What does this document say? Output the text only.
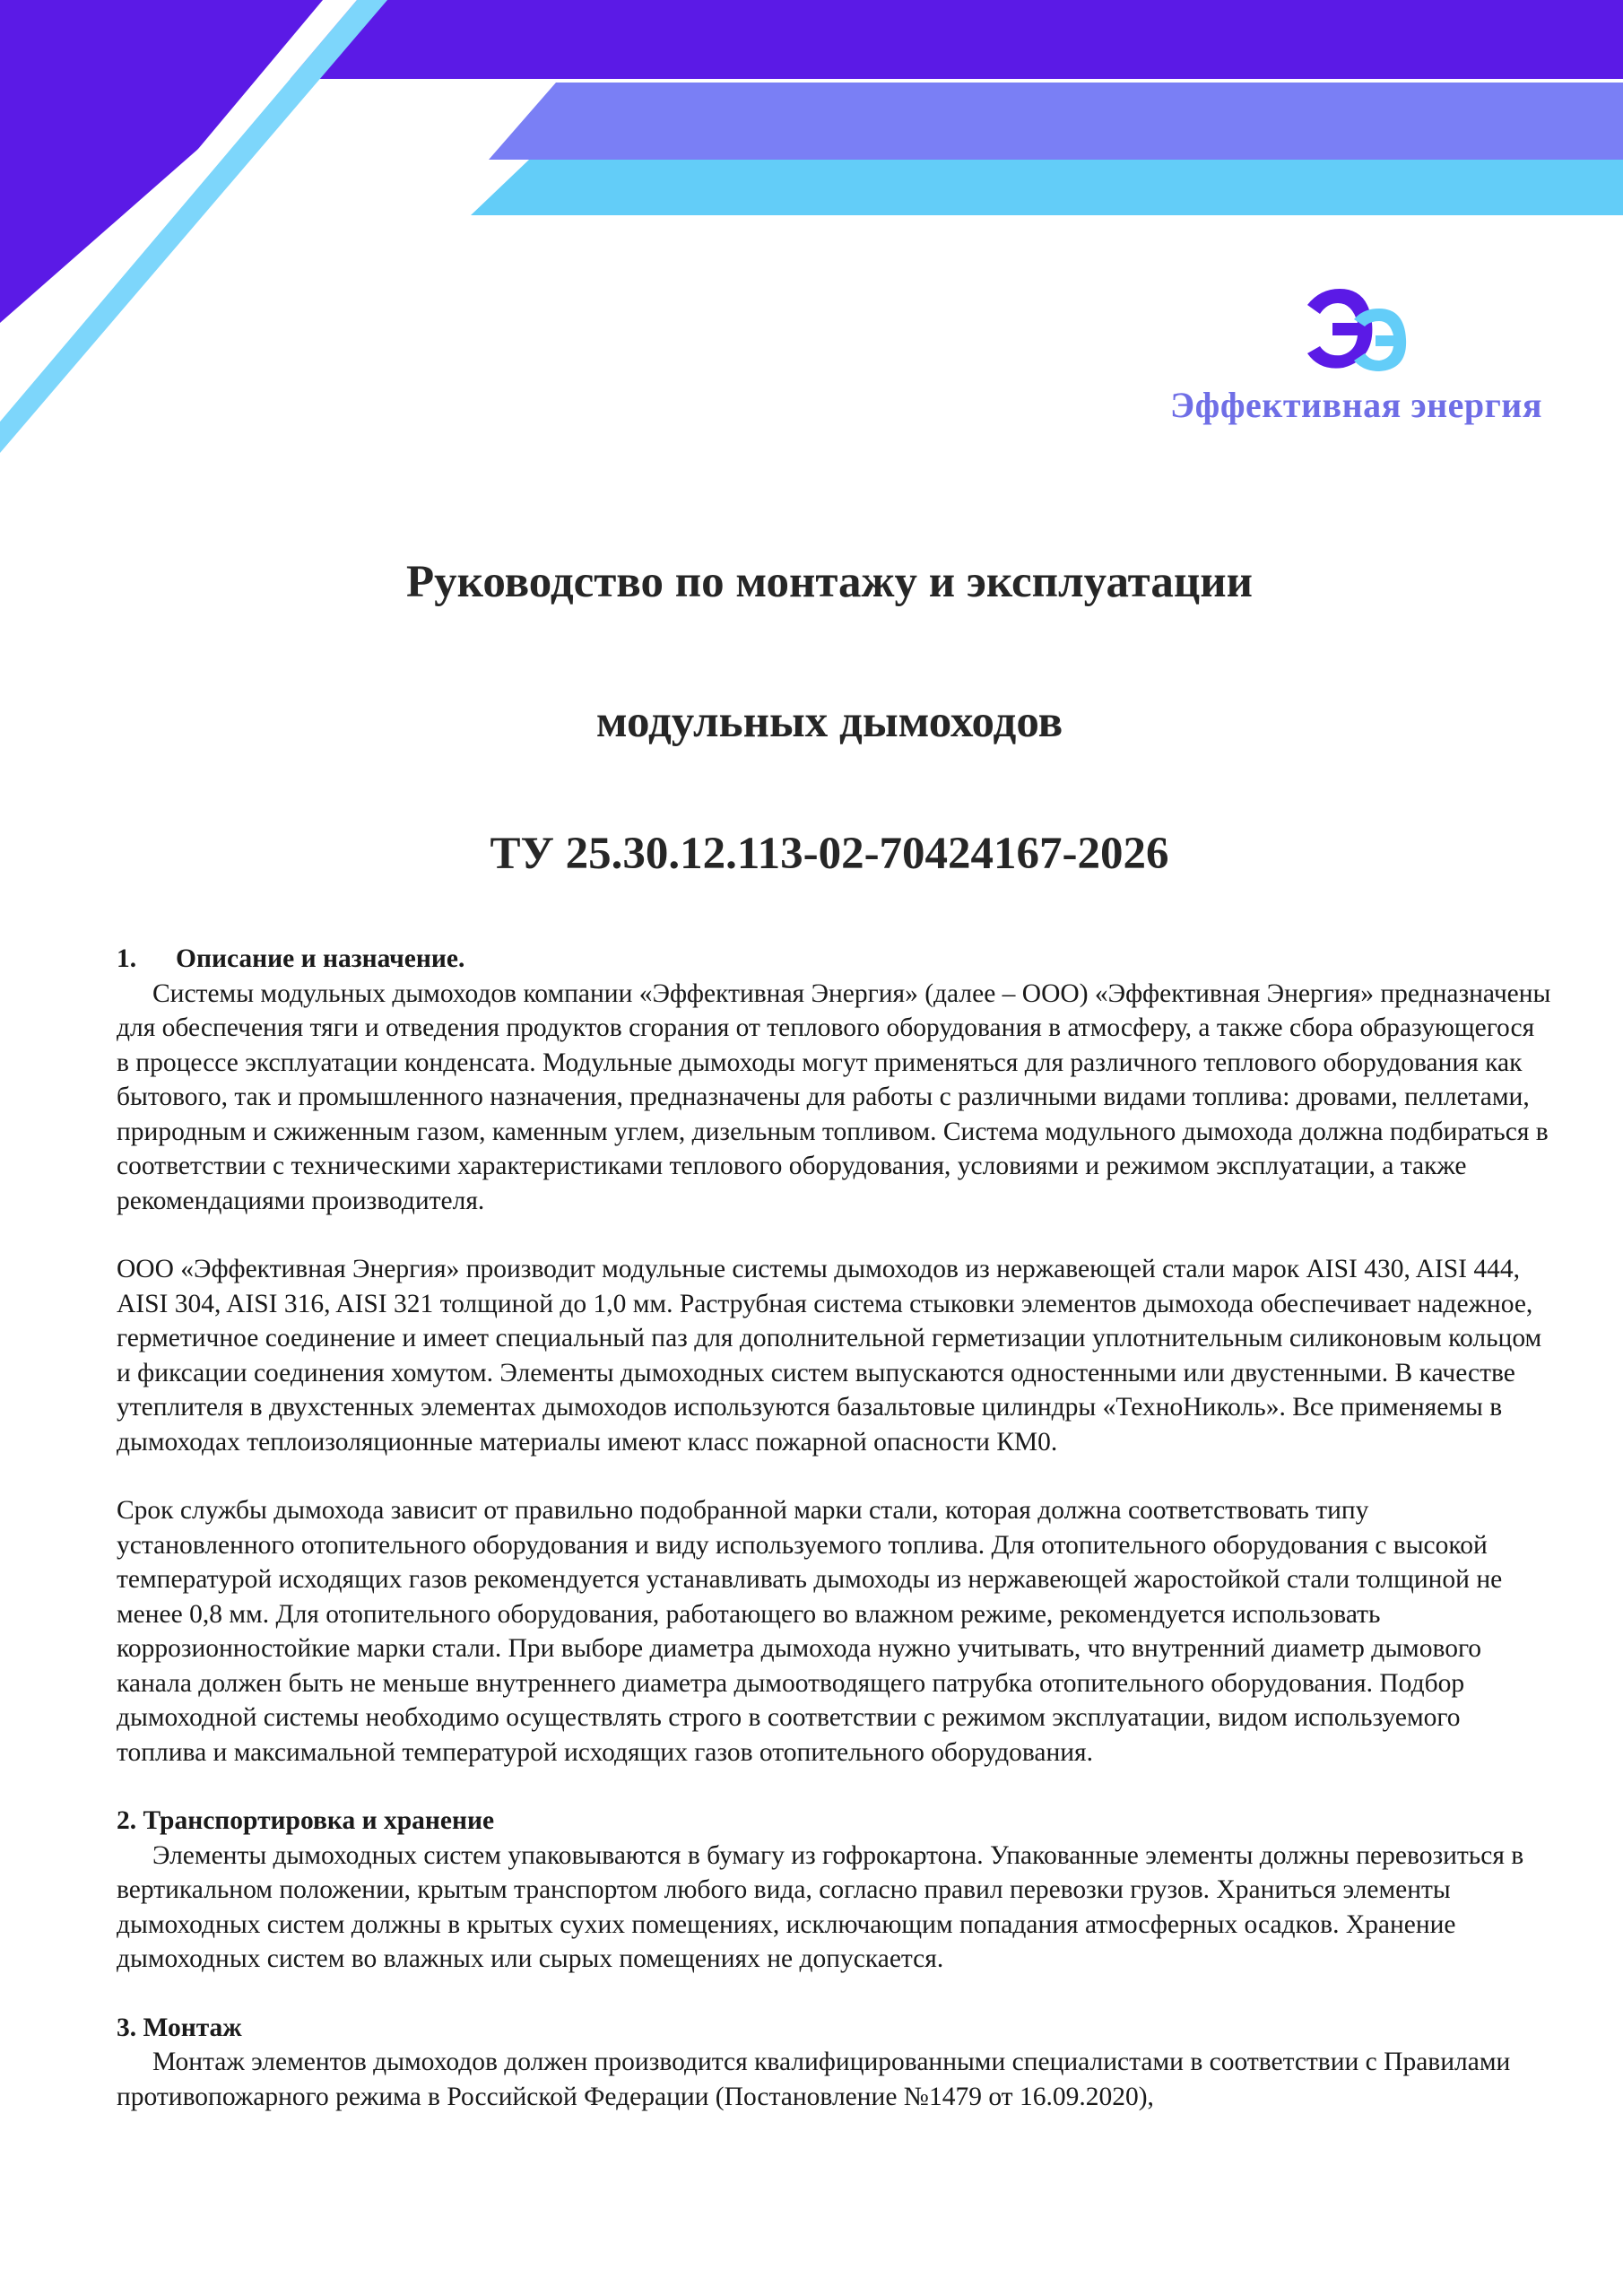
Эффективная энергия
Руководство по монтажу и эксплуатации
модульных дымоходов
ТУ 25.30.12.113-02-70424167-2026
1. Описание и назначение.

Системы модульных дымоходов компании «Эффективная Энергия» (далее – ООО) «Эффективная Энергия» предназначены для обеспечения тяги и отведения продуктов сгорания от теплового оборудования в атмосферу, а также сбора образующегося в процессе эксплуатации конденсата. Модульные дымоходы могут применяться для различного теплового оборудования как бытового, так и промышленного назначения, предназначены для работы с различными видами топлива: дровами, пеллетами, природным и сжиженным газом, каменным углем, дизельным топливом. Система модульного дымохода должна подбираться в соответствии с техническими характеристиками теплового оборудования, условиями и режимом эксплуатации, а также рекомендациями производителя.

ООО «Эффективная Энергия» производит модульные системы дымоходов из нержавеющей стали марок AISI 430, AISI 444, AISI 304, AISI 316, AISI 321 толщиной до 1,0 мм. Раструбная система стыковки элементов дымохода обеспечивает надежное, герметичное соединение и имеет специальный паз для дополнительной герметизации уплотнительным силиконовым кольцом и фиксации соединения хомутом. Элементы дымоходных систем выпускаются одностенными или двустенными. В качестве утеплителя в двухстенных элементах дымоходов используются базальтовые цилиндры «ТехноНиколь». Все применяемы в дымоходах теплоизоляционные материалы имеют класс пожарной опасности КМ0.

Срок службы дымохода зависит от правильно подобранной марки стали, которая должна соответствовать типу установленного отопительного оборудования и виду используемого топлива. Для отопительного оборудования с высокой температурой исходящих газов рекомендуется устанавливать дымоходы из нержавеющей жаростойкой стали толщиной не менее 0,8 мм. Для отопительного оборудования, работающего во влажном режиме, рекомендуется использовать коррозионностойкие марки стали. При выборе диаметра дымохода нужно учитывать, что внутренний диаметр дымового канала должен быть не меньше внутреннего диаметра дымоотводящего патрубка отопительного оборудования. Подбор дымоходной системы необходимо осуществлять строго в соответствии с режимом эксплуатации, видом используемого топлива и максимальной температурой исходящих газов отопительного оборудования.

2. Транспортировка и хранение

Элементы дымоходных систем упаковываются в бумагу из гофрокартона. Упакованные элементы должны перевозиться в вертикальном положении, крытым транспортом любого вида, согласно правил перевозки грузов. Храниться элементы дымоходных систем должны в крытых сухих помещениях, исключающим попадания атмосферных осадков. Хранение дымоходных систем во влажных или сырых помещениях не допускается.

3. Монтаж

Монтаж элементов дымоходов должен производится квалифицированными специалистами в соответствии с Правилами противопожарного режима в Российской Федерации (Постановление №1479 от 16.09.2020),
